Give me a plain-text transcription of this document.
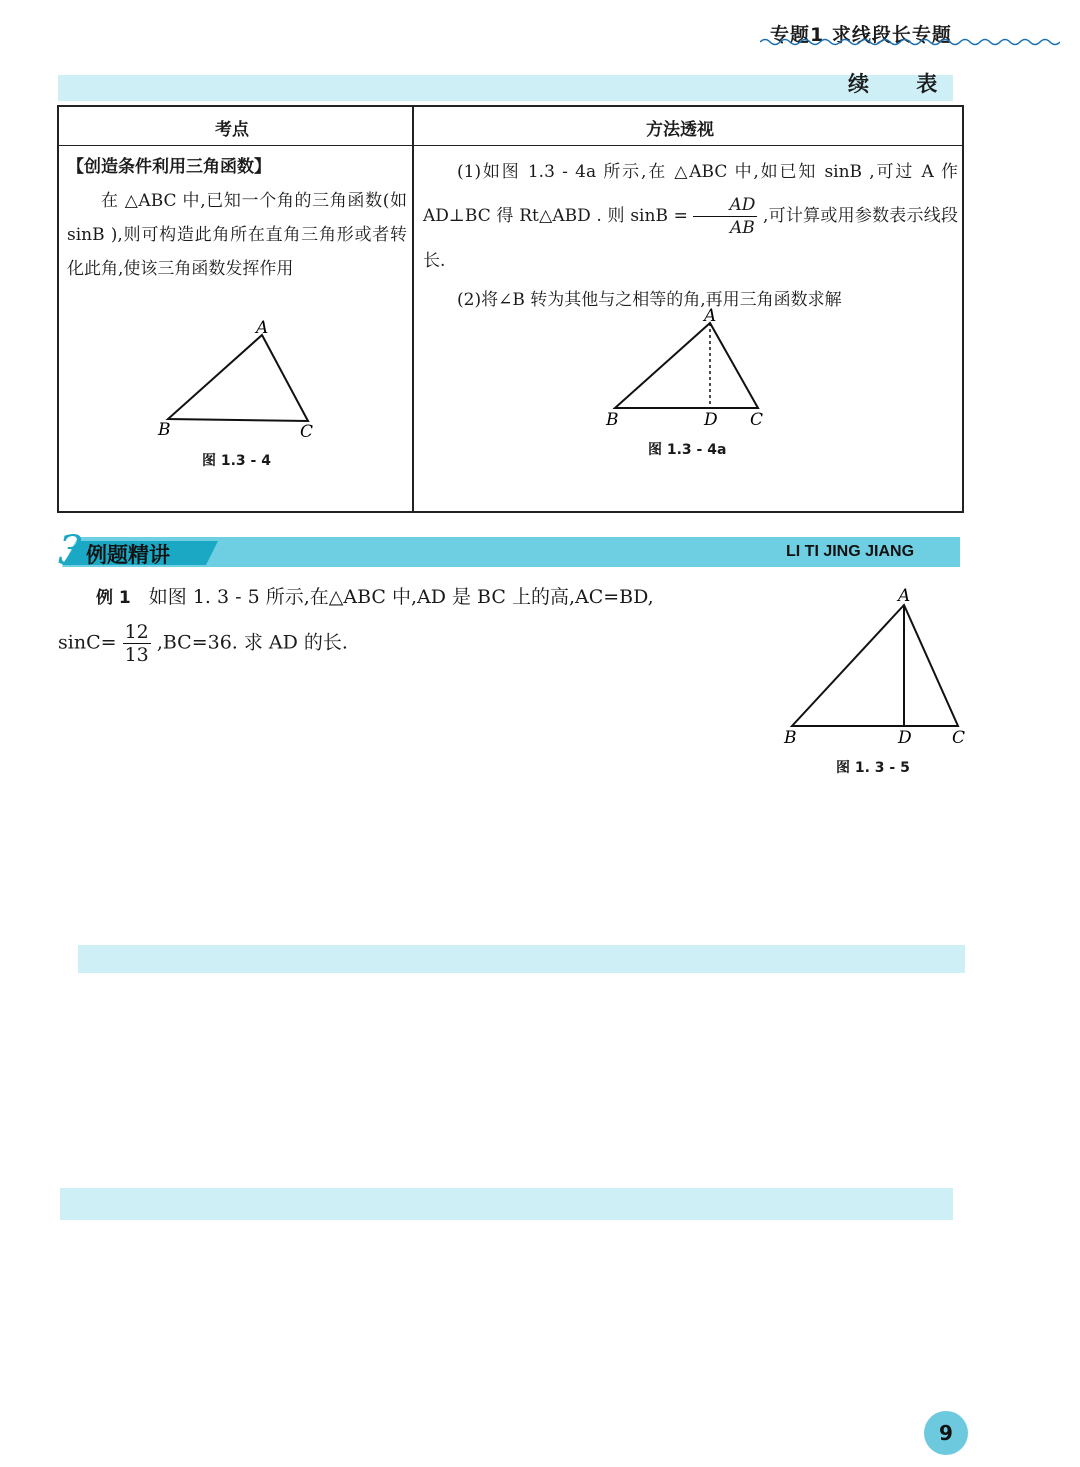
专题1 求线段长专题
续 表
考点	方法透视
【创造条件利用三角函数】
在 △ABC 中,已知一个角的三角函数(如 sinB ),则可构造此角所在直角三角形或者转化此角,使该三角函数发挥作用
A
B	C
图 1.3 - 4
(1)如图 1.3 - 4a 所示,在 △ABC 中,如已知 sinB ,可过 A 作 AD⊥BC 得 Rt△ABD . 则 $\sin B = \frac{AD}{AB}$ ,可计算或用参数表示线段长.
(2)将∠B 转为其他与之相等的角,再用三角函数求解
A
B	D C
图 1.3 - 4a
3 例题精讲	LI TI JING JIANG
例 1 如图 1. 3 - 5 所示,在△ABC 中,AD 是 BC 上的高,AC=BD,
$\sin C= \frac{12}{13} ,BC=36$. 求 AD 的长.
A
B	D C
图 1. 3 - 5
9
